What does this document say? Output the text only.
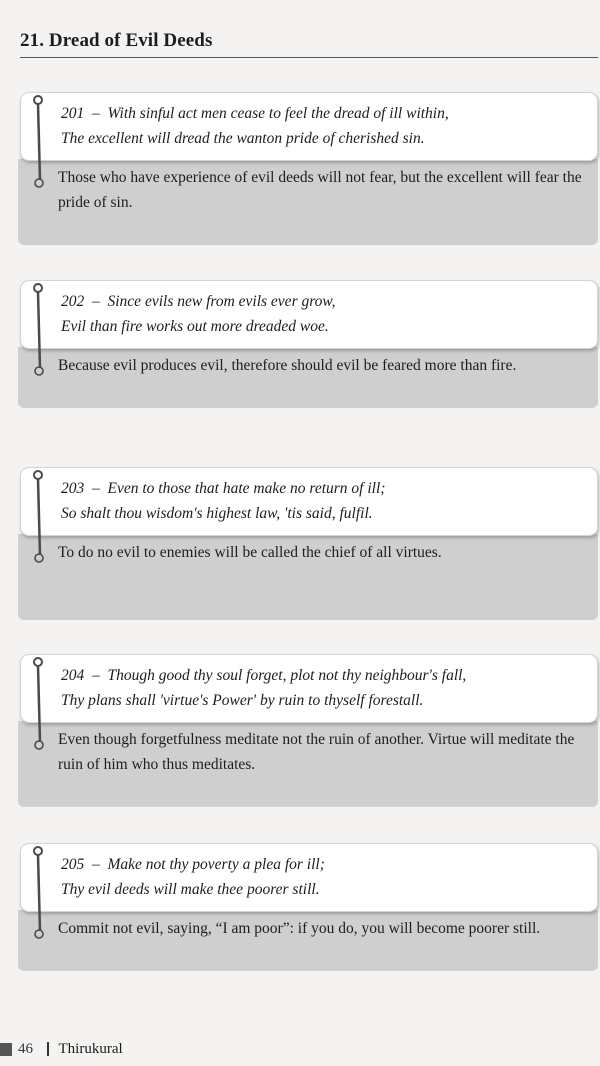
21. Dread of Evil Deeds
201  –  With sinful act men cease to feel the dread of ill within,
The excellent will dread the wanton pride of cherished sin.
Those who have experience of evil deeds will not fear, but the excellent will fear the pride of sin.
202  –  Since evils new from evils ever grow,
Evil than fire works out more dreaded woe.
Because evil produces evil, therefore should evil be feared more than fire.
203  –  Even to those that hate make no return of ill;
So shalt thou wisdom's highest law, 'tis said, fulfil.
To do no evil to enemies will be called the chief of all virtues.
204  –  Though good thy soul forget, plot not thy neighbour's fall,
Thy plans shall 'virtue's Power' by ruin to thyself forestall.
Even though forgetfulness meditate not the ruin of another. Virtue will meditate the ruin of him who thus meditates.
205  –  Make not thy poverty a plea for ill;
Thy evil deeds will make thee poorer still.
Commit not evil, saying, “I am poor”: if you do, you will become poorer still.
46 Thirukural
